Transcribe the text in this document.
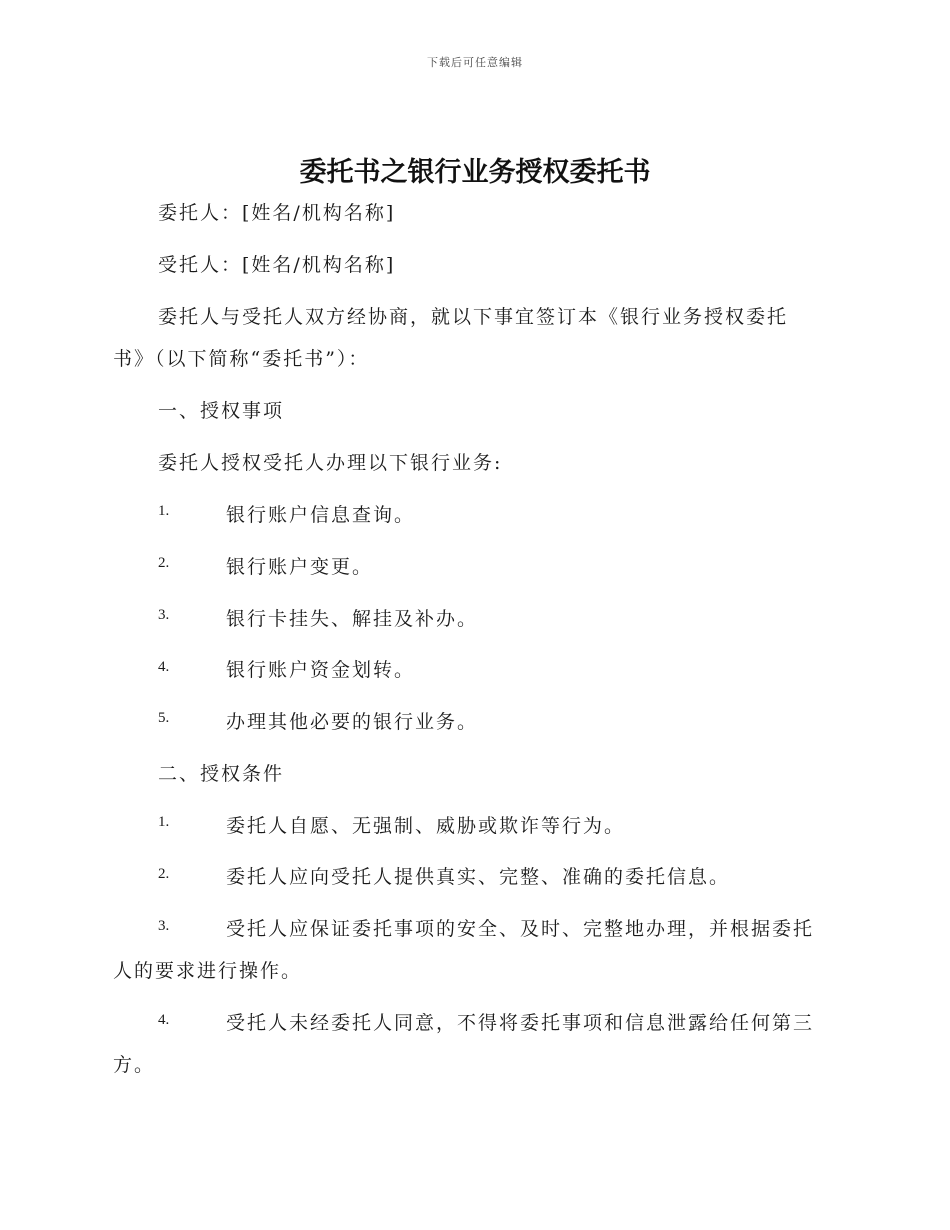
下载后可任意编辑
委托书之银行业务授权委托书
委托人：[姓名/机构名称]
受托人：[姓名/机构名称]
委托人与受托人双方经协商，就以下事宜签订本《银行业务授权委托
书》（以下简称“委托书”）：
一、授权事项
委托人授权受托人办理以下银行业务:
1.	银行账户信息查询。
2.	银行账户变更。
3.	银行卡挂失、解挂及补办。
4.	银行账户资金划转。
5.	办理其他必要的银行业务。
二、授权条件
1.	委托人自愿、无强制、威胁或欺诈等行为。
2.	委托人应向受托人提供真实、完整、准确的委托信息。
3.	受托人应保证委托事项的安全、及时、完整地办理，并根据委托
人的要求进行操作。
4.	受托人未经委托人同意，不得将委托事项和信息泄露给任何第三
方。
